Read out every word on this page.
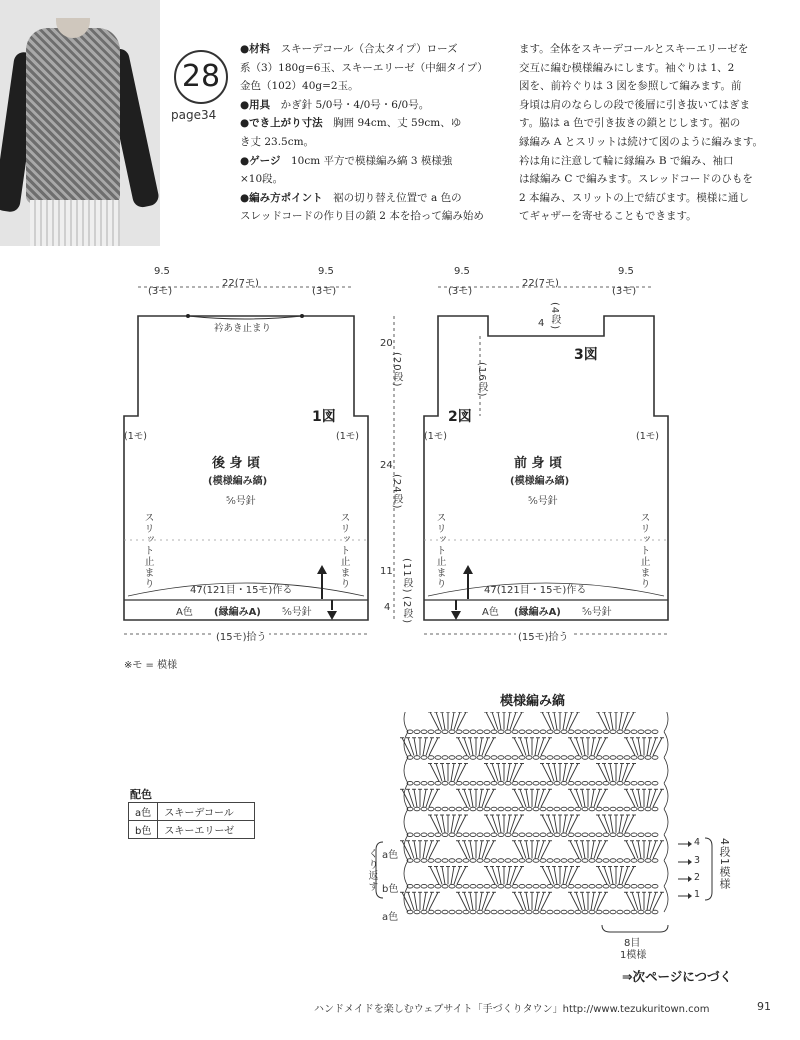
28
page34
●材料　スキーデコール（合太タイプ）ローズ
系（3）180g=6玉、スキーエリーゼ（中細タイプ）
金色（102）40g=2玉。
●用具　かぎ針 5/0号・4/0号・6/0号。
●でき上がり寸法　胸囲 94cm、丈 59cm、ゆ
き丈 23.5cm。
●ゲージ　10cm 平方で模様編み縞 3 模様強
×10段。
●編み方ポイント　裾の切り替え位置で a 色の
スレッドコードの作り目の鎖 2 本を拾って編み始め
ます。全体をスキーデコールとスキーエリーゼを
交互に編む模様編みにします。袖ぐりは 1、2
図を、前衿ぐりは 3 図を参照して編みます。前
身頃は肩のならしの段で後層に引き抜いてはぎま
す。脇は a 色で引き抜きの鎖とじします。裾の
縁編み A とスリットは続けて図のように編みます。
衿は角に注意して輪に縁編み B で編み、袖口
は縁編み C で編みます。スレッドコードのひもを
2 本編み、スリットの上で結びます。模様に通し
てギャザーを寄せることもできます。
9.5
(3モ)
22(7モ)
9.5
(3モ)
衿あき止まり
1図
(1モ)	(1モ)
後 身 頃
(模様編み縞)
⁵⁄₀号針
スリット止まり	スリット止まり
47(121目・15モ)作る
A色 (縁編みA) ⁵⁄₀号針
(15モ)拾う
20
(20段)
24
(24段)
11 (11段)
4 (2段)
9.5
(3モ)
22(7モ)
9.5
(3モ)
4 (4段)
3図
(16段)
2図
(1モ)	(1モ)
前 身 頃
(模様編み縞)
⁵⁄₀号針
スリット止まり	スリット止まり
47(121目・15モ)作る
A色 (縁編みA) ⁵⁄₀号針
(15モ)拾う
※モ = 模様
模様編み縞
a色
b色
a色
くり返す
4
3
2
1
4段1模様
8目
1模様
配色
a色	スキーデコール
b色	スキーエリーゼ
⇒次ページにつづく
ハンドメイドを楽しむウェブサイト「手づくりタウン」http://www.tezukuritown.com	91
